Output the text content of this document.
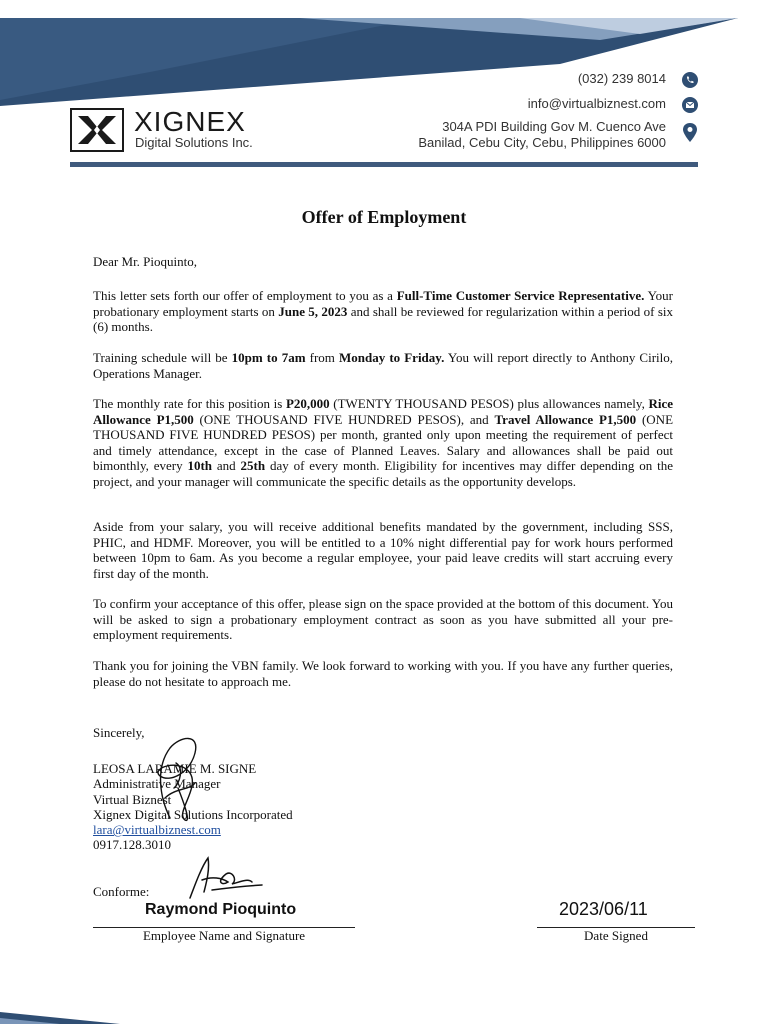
XIGNEX
Digital Solutions Inc.
(032) 239 8014
info@virtualbiznest.com
304A PDI Building Gov M. Cuenco Ave
Banilad, Cebu City, Cebu, Philippines 6000
Offer of Employment
Dear Mr. Pioquinto,

This letter sets forth our offer of employment to you as a Full-Time Customer Service Representative. Your probationary employment starts on June 5, 2023 and shall be reviewed for regularization within a period of six (6) months.

Training schedule will be 10pm to 7am from Monday to Friday. You will report directly to Anthony Cirilo, Operations Manager.

The monthly rate for this position is P20,000 (TWENTY THOUSAND PESOS) plus allowances namely, Rice Allowance P1,500 (ONE THOUSAND FIVE HUNDRED PESOS), and Travel Allowance P1,500 (ONE THOUSAND FIVE HUNDRED PESOS) per month, granted only upon meeting the requirement of perfect and timely attendance, except in the case of Planned Leaves. Salary and allowances shall be paid out bimonthly, every 10th and 25th day of every month. Eligibility for incentives may differ depending on the project, and your manager will communicate the specific details as the opportunity develops.

Aside from your salary, you will receive additional benefits mandated by the government, including SSS, PHIC, and HDMF. Moreover, you will be entitled to a 10% night differential pay for work hours performed between 10pm to 6am. As you become a regular employee, your paid leave credits will start accruing every first day of the month.
To confirm your acceptance of this offer, please sign on the space provided at the bottom of this document. You will be asked to sign a probationary employment contract as soon as you have submitted all your pre-employment requirements.
Thank you for joining the VBN family. We look forward to working with you. If you have any further queries, please do not hesitate to approach me.
Sincerely,
LEOSA LARAMIE M. SIGNE
Administrative Manager
Virtual Biznest
Xignex Digital Solutions Incorporated
lara@virtualbiznest.com
0917.128.3010
Conforme:
Raymond Pioquinto	2023/06/11
Employee Name and Signature	Date Signed
